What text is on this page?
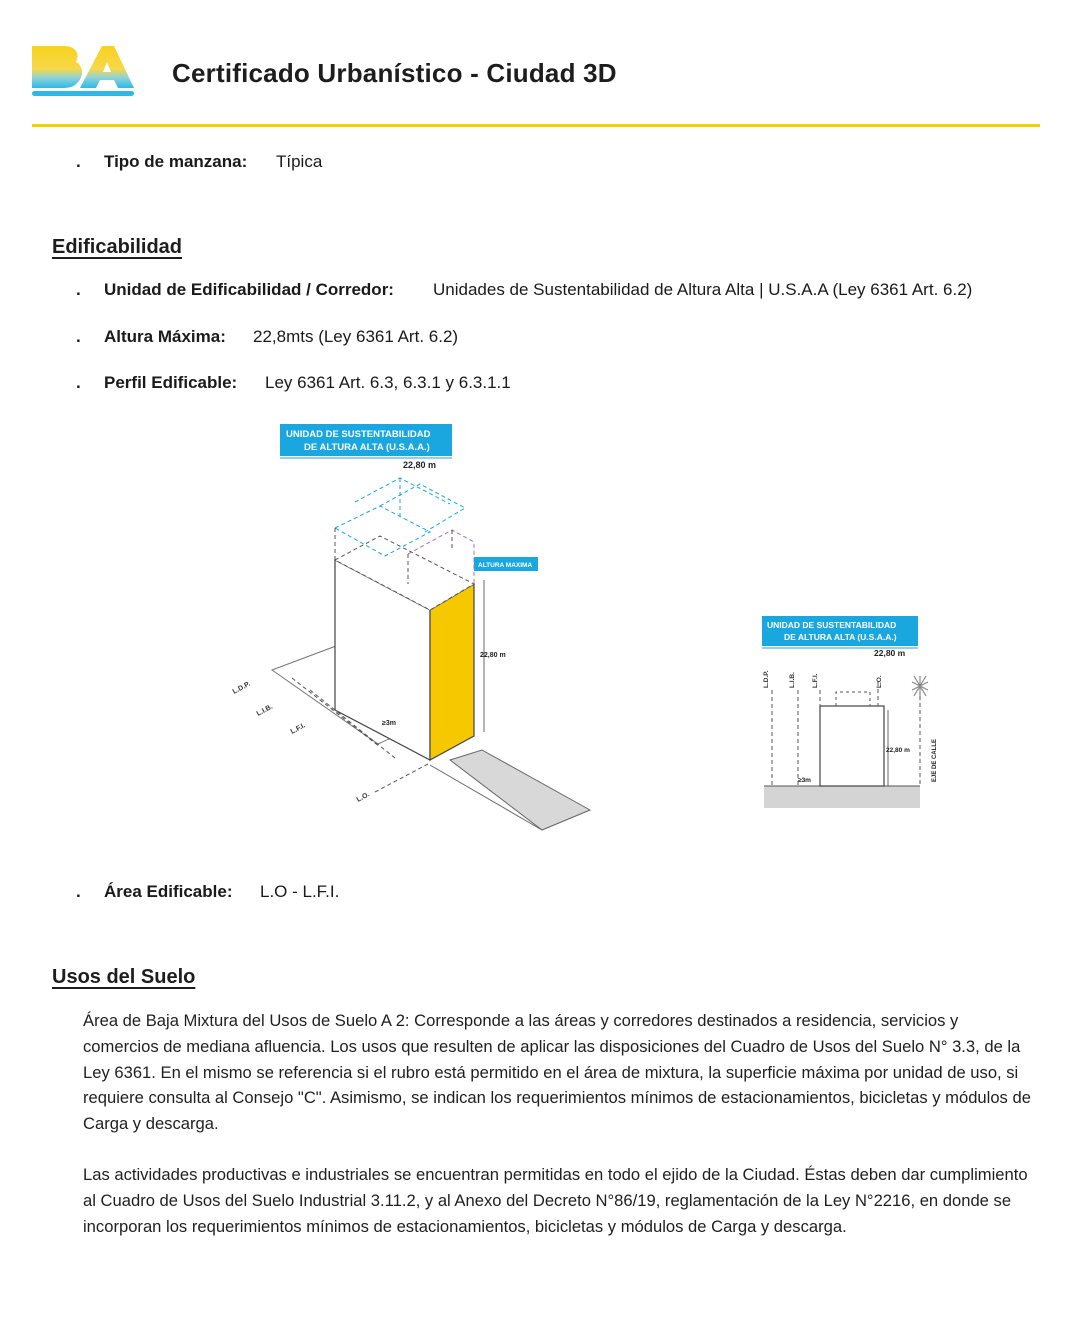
Certificado Urbanístico - Ciudad 3D
. Tipo de manzana: Típica
Edificabilidad
. Unidad de Edificabilidad / Corredor: Unidades de Sustentabilidad de Altura Alta | U.S.A.A (Ley 6361 Art. 6.2)
. Altura Máxima: 22,8mts (Ley 6361 Art. 6.2)
. Perfil Edificable: Ley 6361 Art. 6.3, 6.3.1 y 6.3.1.1
UNIDAD DE SUSTENTABILIDAD
DE ALTURA ALTA (U.S.A.A.)
22,80 m
ALTURA MAXIMA
22,80 m
≥3m
L.D.P.
L.I.B.
L.F.I.
L.O.
UNIDAD DE SUSTENTABILIDAD
DE ALTURA ALTA (U.S.A.A.)
22,80 m
L.D.P.	L.I.B. L.F.I.	L.O.
22,80 m
≥3m	EJE DE CALLE
. Área Edificable: L.O - L.F.I.
Usos del Suelo

Área de Baja Mixtura del Usos de Suelo A 2: Corresponde a las áreas y corredores destinados a residencia, servicios y comercios de mediana afluencia. Los usos que resulten de aplicar las disposiciones del Cuadro de Usos del Suelo N° 3.3, de la Ley 6361. En el mismo se referencia si el rubro está permitido en el área de mixtura, la superficie máxima por unidad de uso, si requiere consulta al Consejo "C". Asimismo, se indican los requerimientos mínimos de estacionamientos, bicicletas y módulos de Carga y descarga.

Las actividades productivas e industriales se encuentran permitidas en todo el ejido de la Ciudad. Éstas deben dar cumplimiento al Cuadro de Usos del Suelo Industrial 3.11.2, y al Anexo del Decreto N°86/19, reglamentación de la Ley N°2216, en donde se incorporan los requerimientos mínimos de estacionamientos, bicicletas y módulos de Carga y descarga.
